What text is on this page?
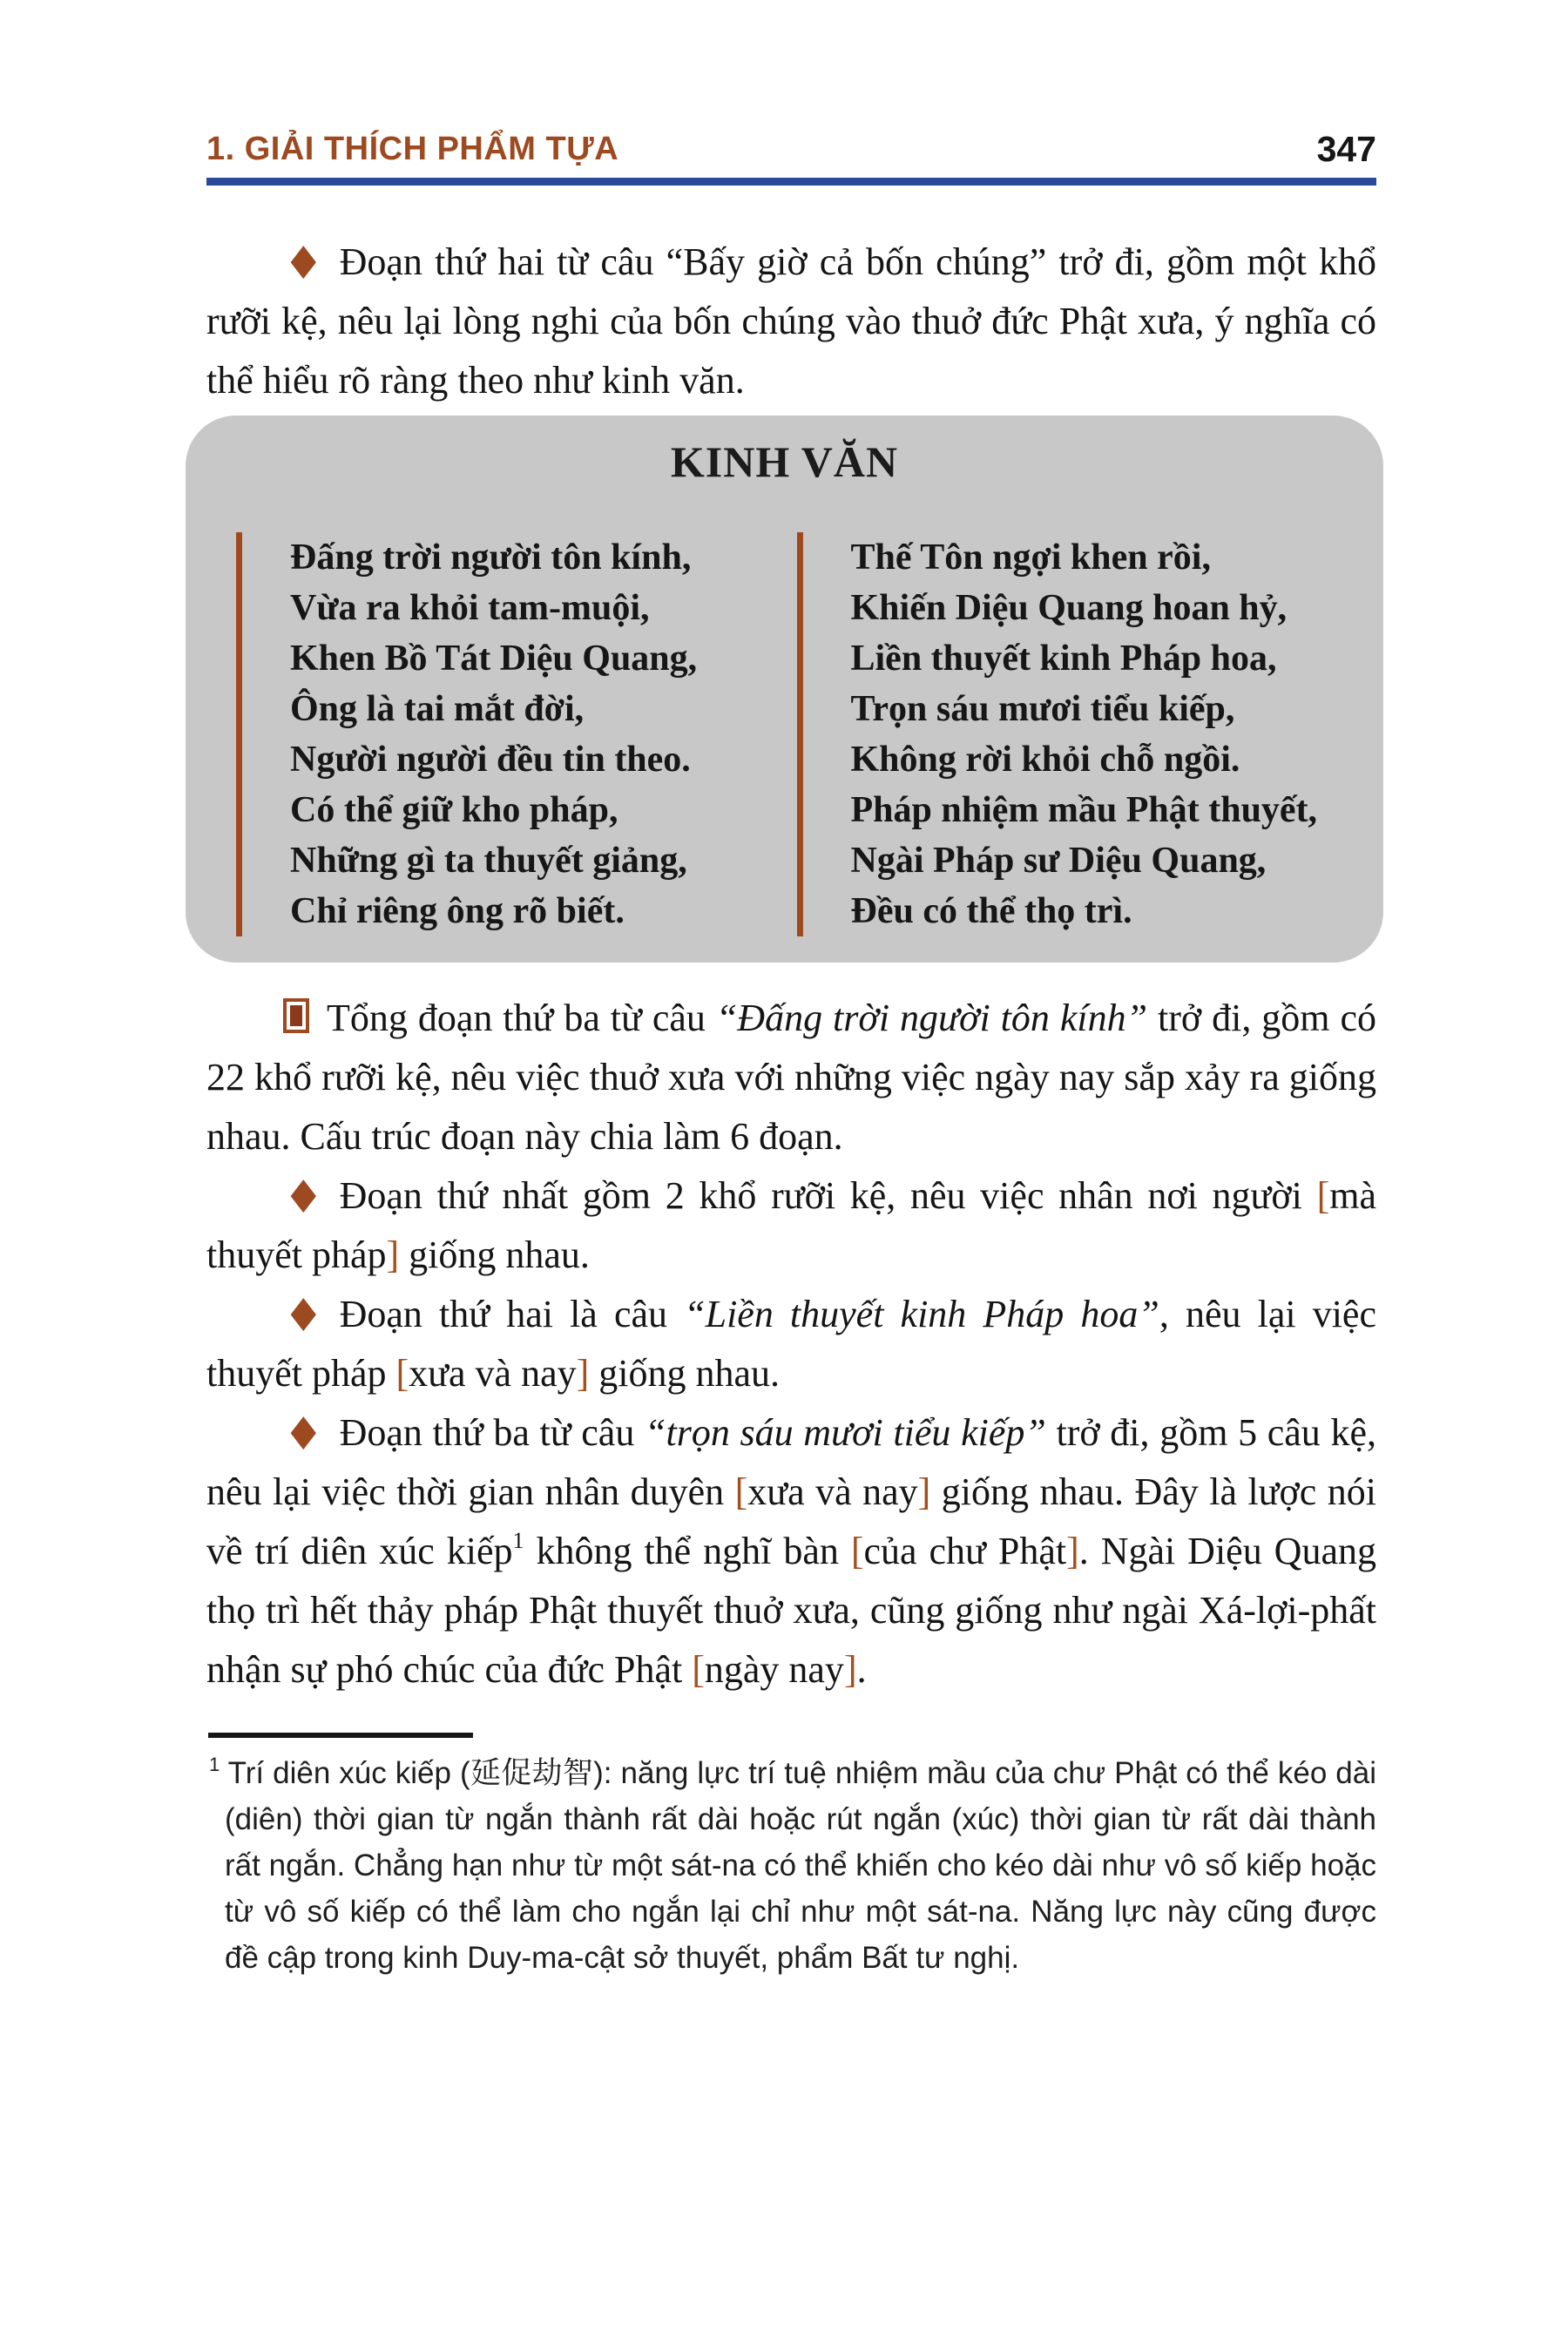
1. GIẢI THÍCH PHẨM TỰA	347
♦ Đoạn thứ hai từ câu “Bấy giờ cả bốn chúng” trở đi, gồm một khổ rưỡi kệ, nêu lại lòng nghi của bốn chúng vào thuở đức Phật xưa, ý nghĩa có thể hiểu rõ ràng theo như kinh văn.
KINH VĂN
Đấng trời người tôn kính,
Vừa ra khỏi tam-muội,
Khen Bồ Tát Diệu Quang,
Ông là tai mắt đời,
Người người đều tin theo.
Có thể giữ kho pháp,
Những gì ta thuyết giảng,
Chỉ riêng ông rõ biết.
Thế Tôn ngợi khen rồi,
Khiến Diệu Quang hoan hỷ,
Liền thuyết kinh Pháp hoa,
Trọn sáu mươi tiểu kiếp,
Không rời khỏi chỗ ngồi.
Pháp nhiệm mầu Phật thuyết,
Ngài Pháp sư Diệu Quang,
Đều có thể thọ trì.
Tổng đoạn thứ ba từ câu “Đấng trời người tôn kính” trở đi, gồm có 22 khổ rưỡi kệ, nêu việc thuở xưa với những việc ngày nay sắp xảy ra giống nhau. Cấu trúc đoạn này chia làm 6 đoạn.
♦ Đoạn thứ nhất gồm 2 khổ rưỡi kệ, nêu việc nhân nơi người [mà thuyết pháp] giống nhau.
♦ Đoạn thứ hai là câu “Liền thuyết kinh Pháp hoa”, nêu lại việc thuyết pháp [xưa và nay] giống nhau.
♦ Đoạn thứ ba từ câu “trọn sáu mươi tiểu kiếp” trở đi, gồm 5 câu kệ, nêu lại việc thời gian nhân duyên [xưa và nay] giống nhau. Đây là lược nói về trí diên xúc kiếp$^1$ không thể nghĩ bàn [của chư Phật]. Ngài Diệu Quang thọ trì hết thảy pháp Phật thuyết thuở xưa, cũng giống như ngài Xá-lợi-phất nhận sự phó chúc của đức Phật [ngày nay].
$^1$ Trí diên xúc kiếp (延促劫智): năng lực trí tuệ nhiệm mầu của chư Phật có thể kéo dài (diên) thời gian từ ngắn thành rất dài hoặc rút ngắn (xúc) thời gian từ rất dài thành rất ngắn. Chẳng hạn như từ một sát-na có thể khiến cho kéo dài như vô số kiếp hoặc từ vô số kiếp có thể làm cho ngắn lại chỉ như một sát-na. Năng lực này cũng được đề cập trong kinh Duy-ma-cật sở thuyết, phẩm Bất tư nghị.
